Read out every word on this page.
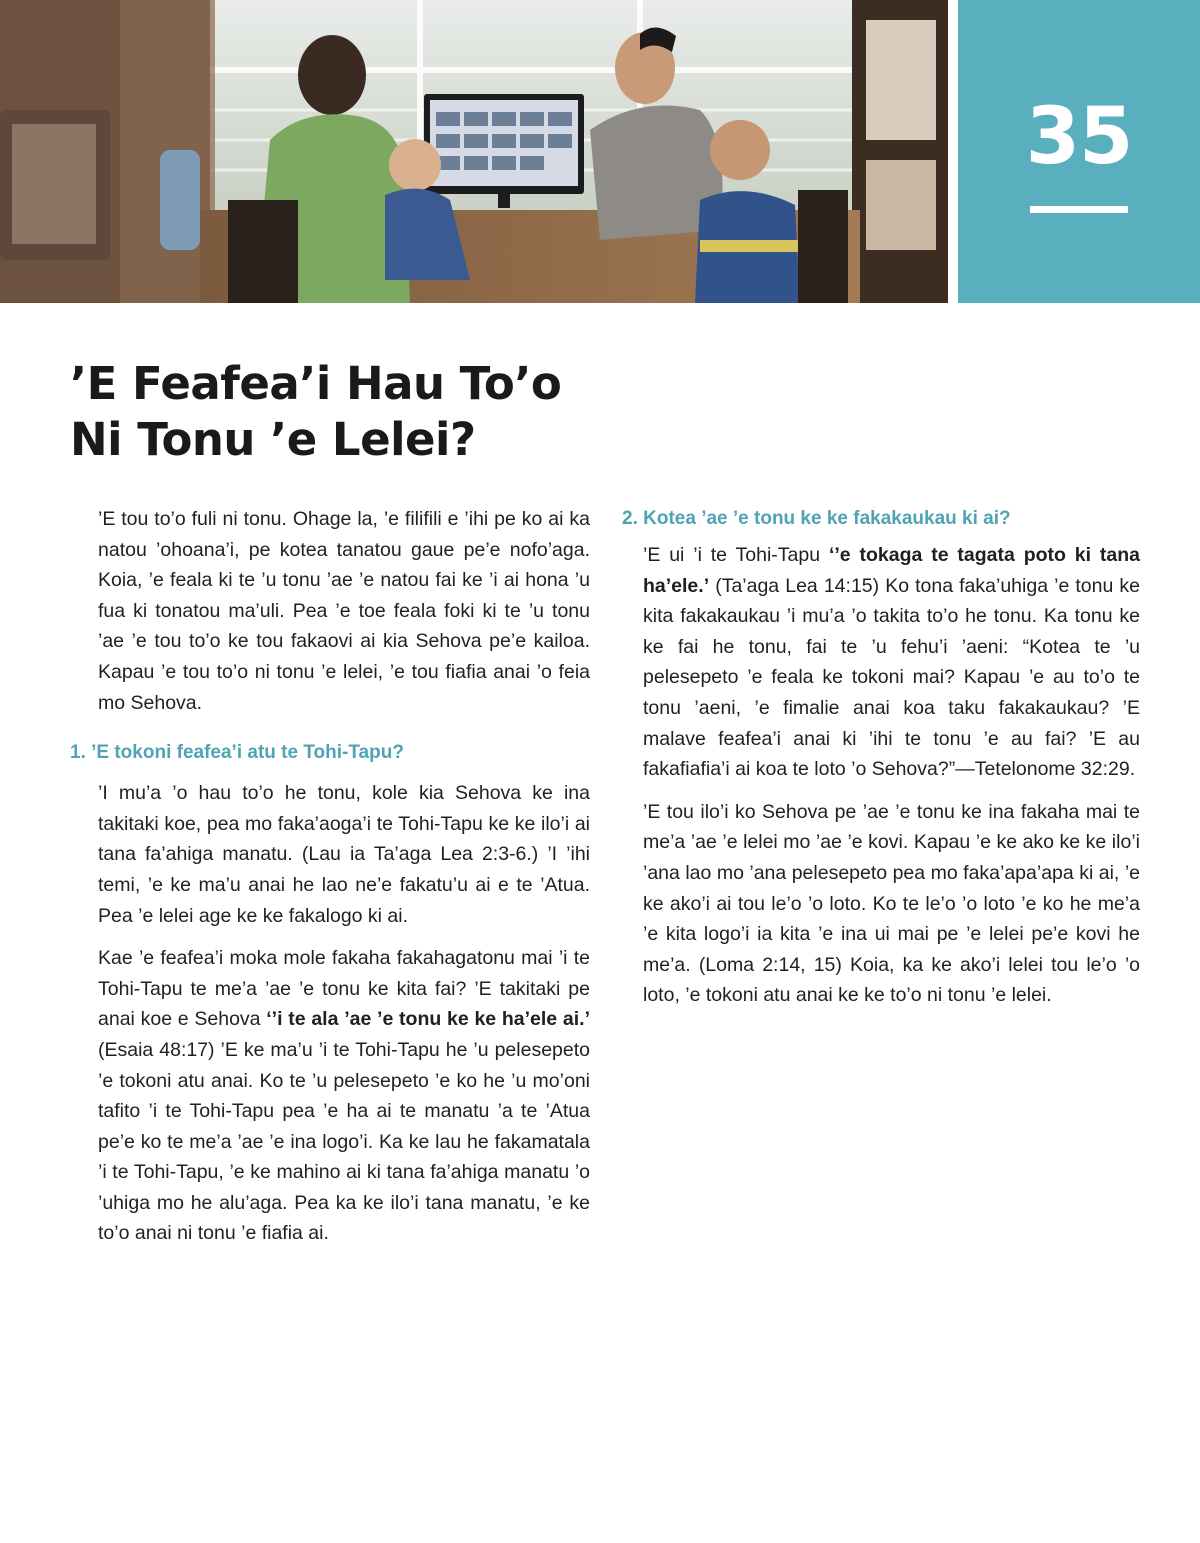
35
’E Feafea’i Hau To’o
Ni Tonu ’e Lelei?

’E tou to’o fuli ni tonu. Ohage la, ’e filifili e ’ihi pe ko ai ka natou ’ohoana’i, pe kotea tanatou gaue pe’e nofo’aga. Koia, ’e feala ki te ’u tonu ’ae ’e natou fai ke ’i ai hona ’u fua ki tonatou ma’uli. Pea ’e toe feala foki ki te ’u tonu ’ae ’e tou to’o ke tou fakaovi ai kia Sehova pe’e kailoa. Kapau ’e tou to’o ni tonu ’e lelei, ’e tou fiafia anai ’o feia mo Sehova.

1. ’E tokoni feafea’i atu te Tohi-Tapu?

’I mu’a ’o hau to’o he tonu, kole kia Sehova ke ina takitaki koe, pea mo faka’aoga’i te Tohi-Tapu ke ke ilo’i ai tana fa’ahiga manatu. (Lau ia Ta’aga Lea 2:3-6.) ’I ’ihi temi, ’e ke ma’u anai he lao ne’e fakatu’u ai e te ’Atua. Pea ’e lelei age ke ke fakalogo ki ai.

Kae ’e feafea’i moka mole fakaha fakahagatonu mai ’i te Tohi-Tapu te me’a ’ae ’e tonu ke kita fai? ’E takitaki pe anai koe e Sehova ‘’i te ala ’ae ’e tonu ke ke ha’ele ai.’ (Esaia 48:17) ’E ke ma’u ’i te Tohi-Tapu he ’u pelesepeto ’e tokoni atu anai. Ko te ’u pelesepeto ’e ko he ’u mo’oni tafito ’i te Tohi-Tapu pea ’e ha ai te manatu ’a te ’Atua pe’e ko te me’a ’ae ’e ina logo’i. Ka ke lau he fakamatala ’i te Tohi-Tapu, ’e ke mahino ai ki tana fa’ahiga manatu ’o ’uhiga mo he alu’aga. Pea ka ke ilo’i tana manatu, ’e ke to’o anai ni tonu ’e fiafia ai.

2. Kotea ’ae ’e tonu ke ke fakakaukau ki ai?

’E ui ’i te Tohi-Tapu ‘’e tokaga te tagata poto ki tana ha’ele.’ (Ta’aga Lea 14:15) Ko tona faka’uhiga ’e tonu ke kita fakakaukau ’i mu’a ’o takita to’o he tonu. Ka tonu ke ke fai he tonu, fai te ’u fehu’i ’aeni: “Kotea te ’u pelesepeto ’e feala ke tokoni mai? Kapau ’e au to’o te tonu ’aeni, ’e fimalie anai koa taku fakakaukau? ’E malave feafea’i anai ki ’ihi te tonu ’e au fai? ’E au fakafiafia’i ai koa te loto ’o Sehova?”—Tetelonome 32:29.

’E tou ilo’i ko Sehova pe ’ae ’e tonu ke ina fakaha mai te me’a ’ae ’e lelei mo ’ae ’e kovi. Kapau ’e ke ako ke ke ilo’i ’ana lao mo ’ana pelesepeto pea mo faka’apa’apa ki ai, ’e ke ako’i ai tou le’o ’o loto. Ko te le’o ’o loto ’e ko he me’a ’e kita logo’i ia kita ’e ina ui mai pe ’e lelei pe’e kovi he me’a. (Loma 2:14, 15) Koia, ka ke ako’i lelei tou le’o ’o loto, ’e tokoni atu anai ke ke to’o ni tonu ’e lelei.
